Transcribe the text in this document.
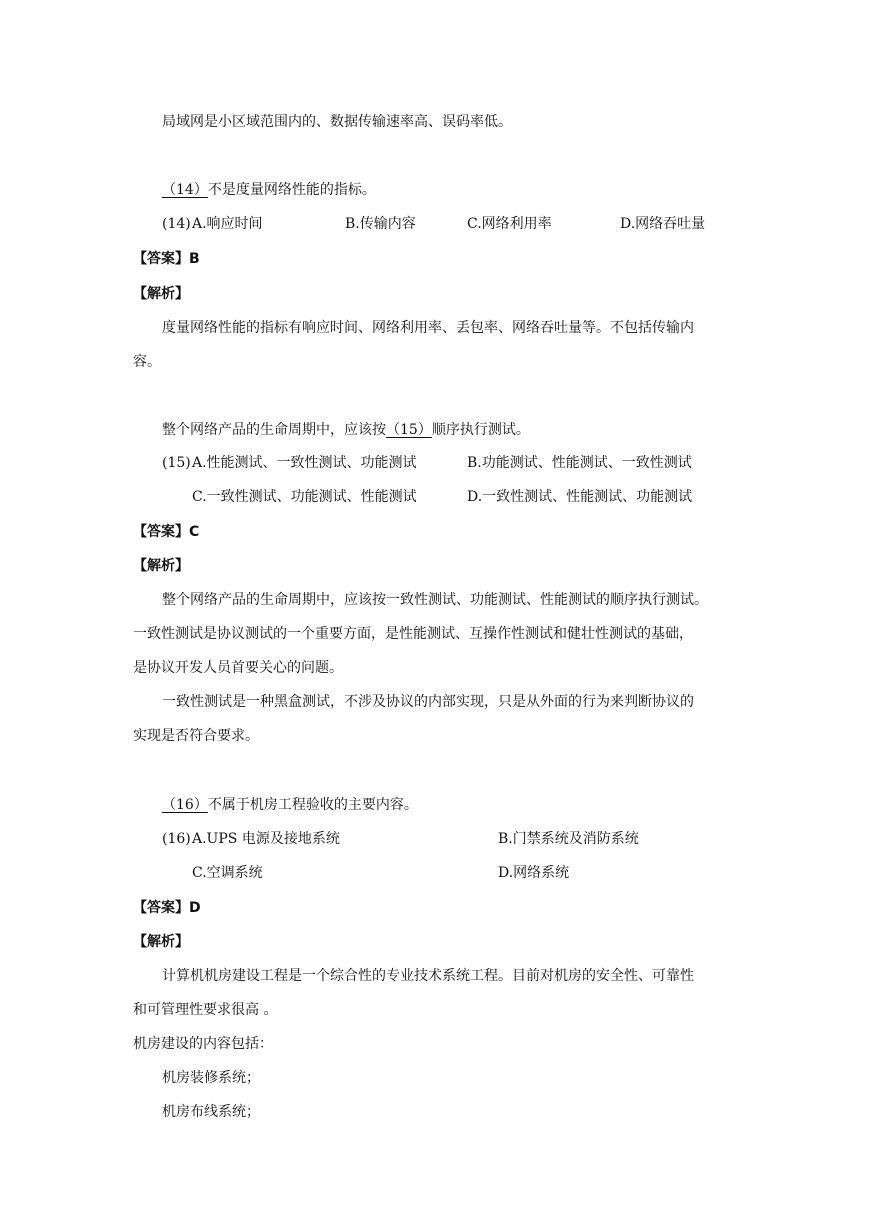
局域网是小区域范围内的、数据传输速率高、误码率低。
（14）不是度量网络性能的指标。
(14) A.响应时间	B.传输内容	C.网络利用率	D.网络吞吐量
【答案】B
【解析】
度量网络性能的指标有响应时间、网络利用率、丢包率、网络吞吐量等。不包括传输内
容。
整个网络产品的生命周期中，应该按（15）顺序执行测试。
(15) A.性能测试、一致性测试、功能测试	B.功能测试、性能测试、一致性测试
C.一致性测试、功能测试、性能测试	D.一致性测试、性能测试、功能测试
【答案】C
【解析】
整个网络产品的生命周期中，应该按一致性测试、功能测试、性能测试的顺序执行测试。
一致性测试是协议测试的一个重要方面，是性能测试、互操作性测试和健壮性测试的基础，
是协议开发人员首要关心的问题。
一致性测试是一种黑盒测试，不涉及协议的内部实现，只是从外面的行为来判断协议的
实现是否符合要求。
（16）不属于机房工程验收的主要内容。
(16) A.UPS 电源及接地系统	B.门禁系统及消防系统
C.空调系统	D.网络系统
【答案】D
【解析】
计算机机房建设工程是一个综合性的专业技术系统工程。目前对机房的安全性、可靠性
和可管理性要求很高 。
机房建设的内容包括：
机房装修系统；
机房布线系统；
